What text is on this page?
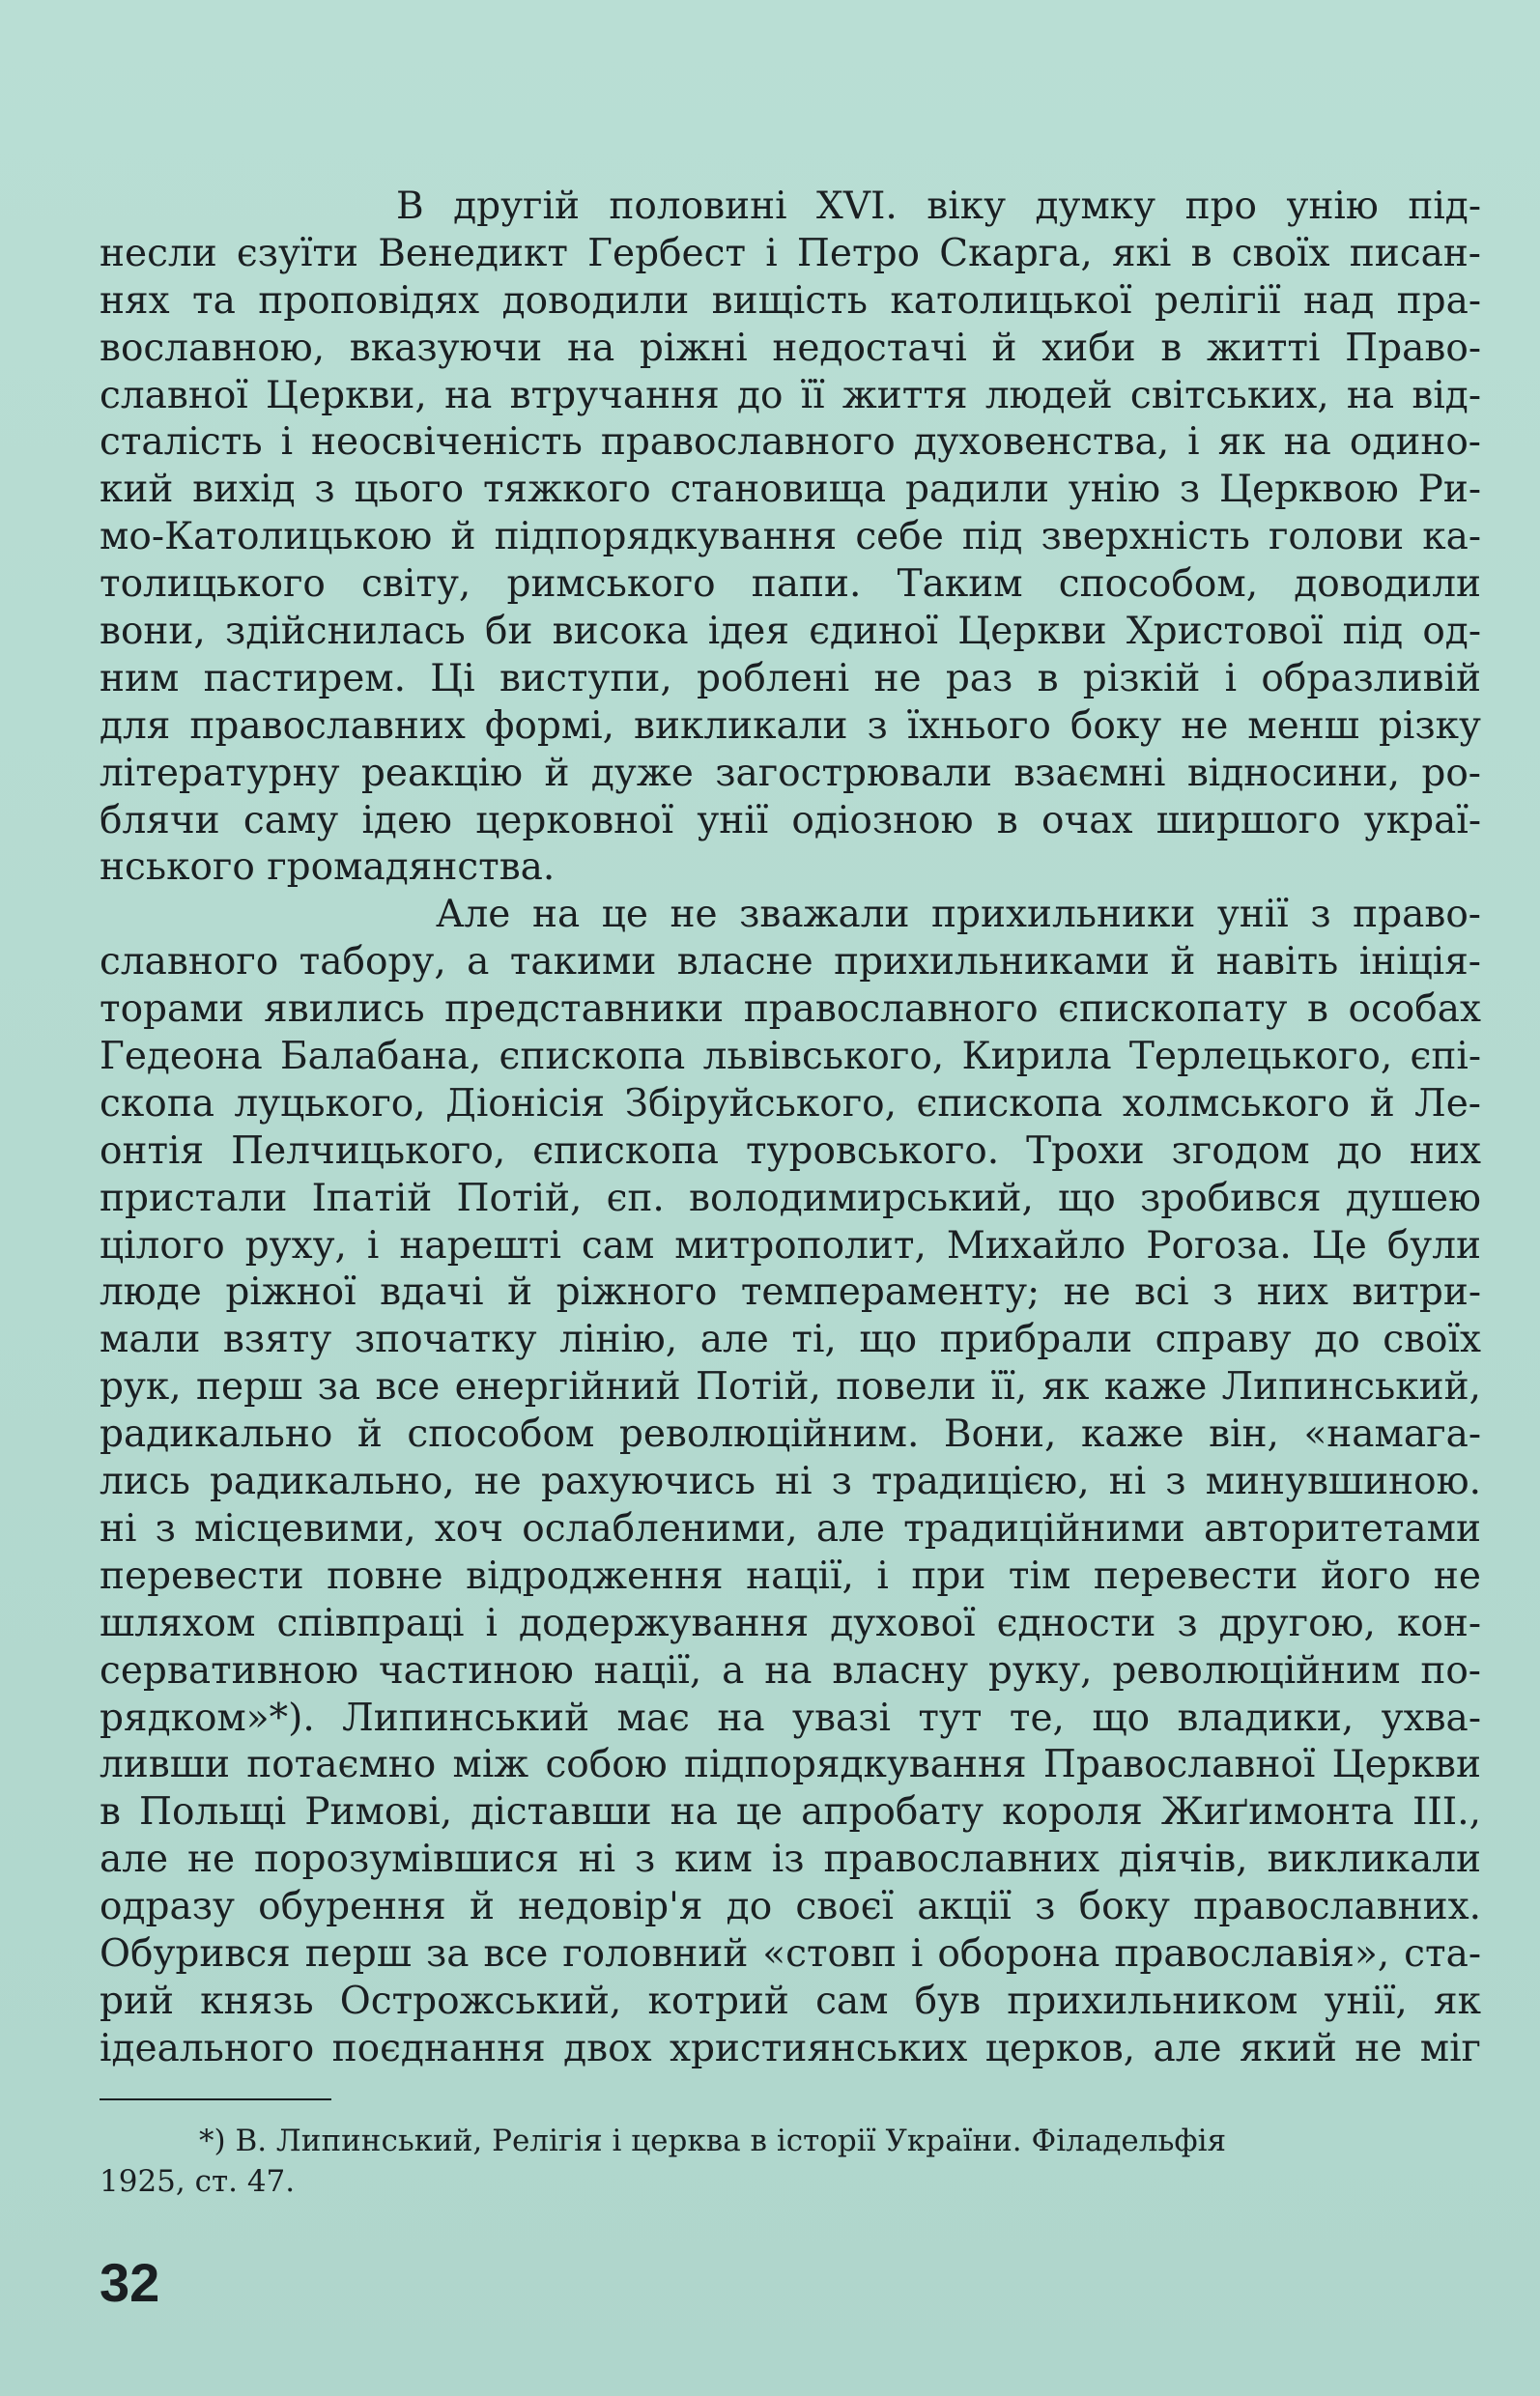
В другій половині XVI. віку думку про унію під-
несли єзуїти Венедикт Гербест і Петро Скарга, які в своїх писан-
нях та проповідях доводили вищість католицької релігії над пра-
вославною, вказуючи на ріжні недостачі й хиби в житті Право-
славної Церкви, на втручання до її життя людей світських, на від-
сталість і неосвіченість православного духовенства, і як на одино-
кий вихід з цього тяжкого становища радили унію з Церквою Ри-
мо-Католицькою й підпорядкування себе під зверхність голови ка-
толицького світу, римського папи. Таким способом, доводили
вони, здійснилась би висока ідея єдиної Церкви Христової під од-
ним пастирем. Ці виступи, роблені не раз в різкій і образливій
для православних формі, викликали з їхнього боку не менш різку
літературну реакцію й дуже загострювали взаємні відносини, ро-
блячи саму ідею церковної унії одіозною в очах ширшого украї-
нського громадянства.
Але на це не зважали прихильники унії з право-
славного табору, а такими власне прихильниками й навіть ініція-
торами явились представники православного єпископату в особах
Гедеона Балабана, єпископа львівського, Кирила Терлецького, єпі-
скопа луцького, Діонісія Збіруйського, єпископа холмського й Ле-
онтія Пелчицького, єпископа туровського. Трохи згодом до них
пристали Іпатій Потій, єп. володимирський, що зробився душею
цілого руху, і нарешті сам митрополит, Михайло Рогоза. Це були
люде ріжної вдачі й ріжного темпераменту; не всі з них витри-
мали взяту зпочатку лінію, але ті, що прибрали справу до своїх
рук, перш за все енергійний Потій, повели її, як каже Липинський,
радикально й способом революційним. Вони, каже він, «намага-
лись радикально, не рахуючись ні з традицією, ні з минувшиною.
ні з місцевими, хоч ослабленими, але традиційними авторитетами
перевести повне відродження нації, і при тім перевести його не
шляхом співпраці і додержування духової єдности з другою, кон-
сервативною частиною нації, а на власну руку, революційним по-
рядком»*). Липинський має на увазі тут те, що владики, ухва-
ливши потаємно між собою підпорядкування Православної Церкви
в Польщі Римові, діставши на це апробату короля Жиґимонта III.,
але не порозумівшися ні з ким із православних діячів, викликали
одразу обурення й недовір'я до своєї акції з боку православних.
Обурився перш за все головний «стовп і оборона православія», ста-
рий князь Острожський, котрий сам був прихильником унії, як
ідеального поєднання двох християнських церков, але який не міг
*) В. Липинський, Релігія і церква в історії України. Філадельфія
1925, ст. 47.
32
